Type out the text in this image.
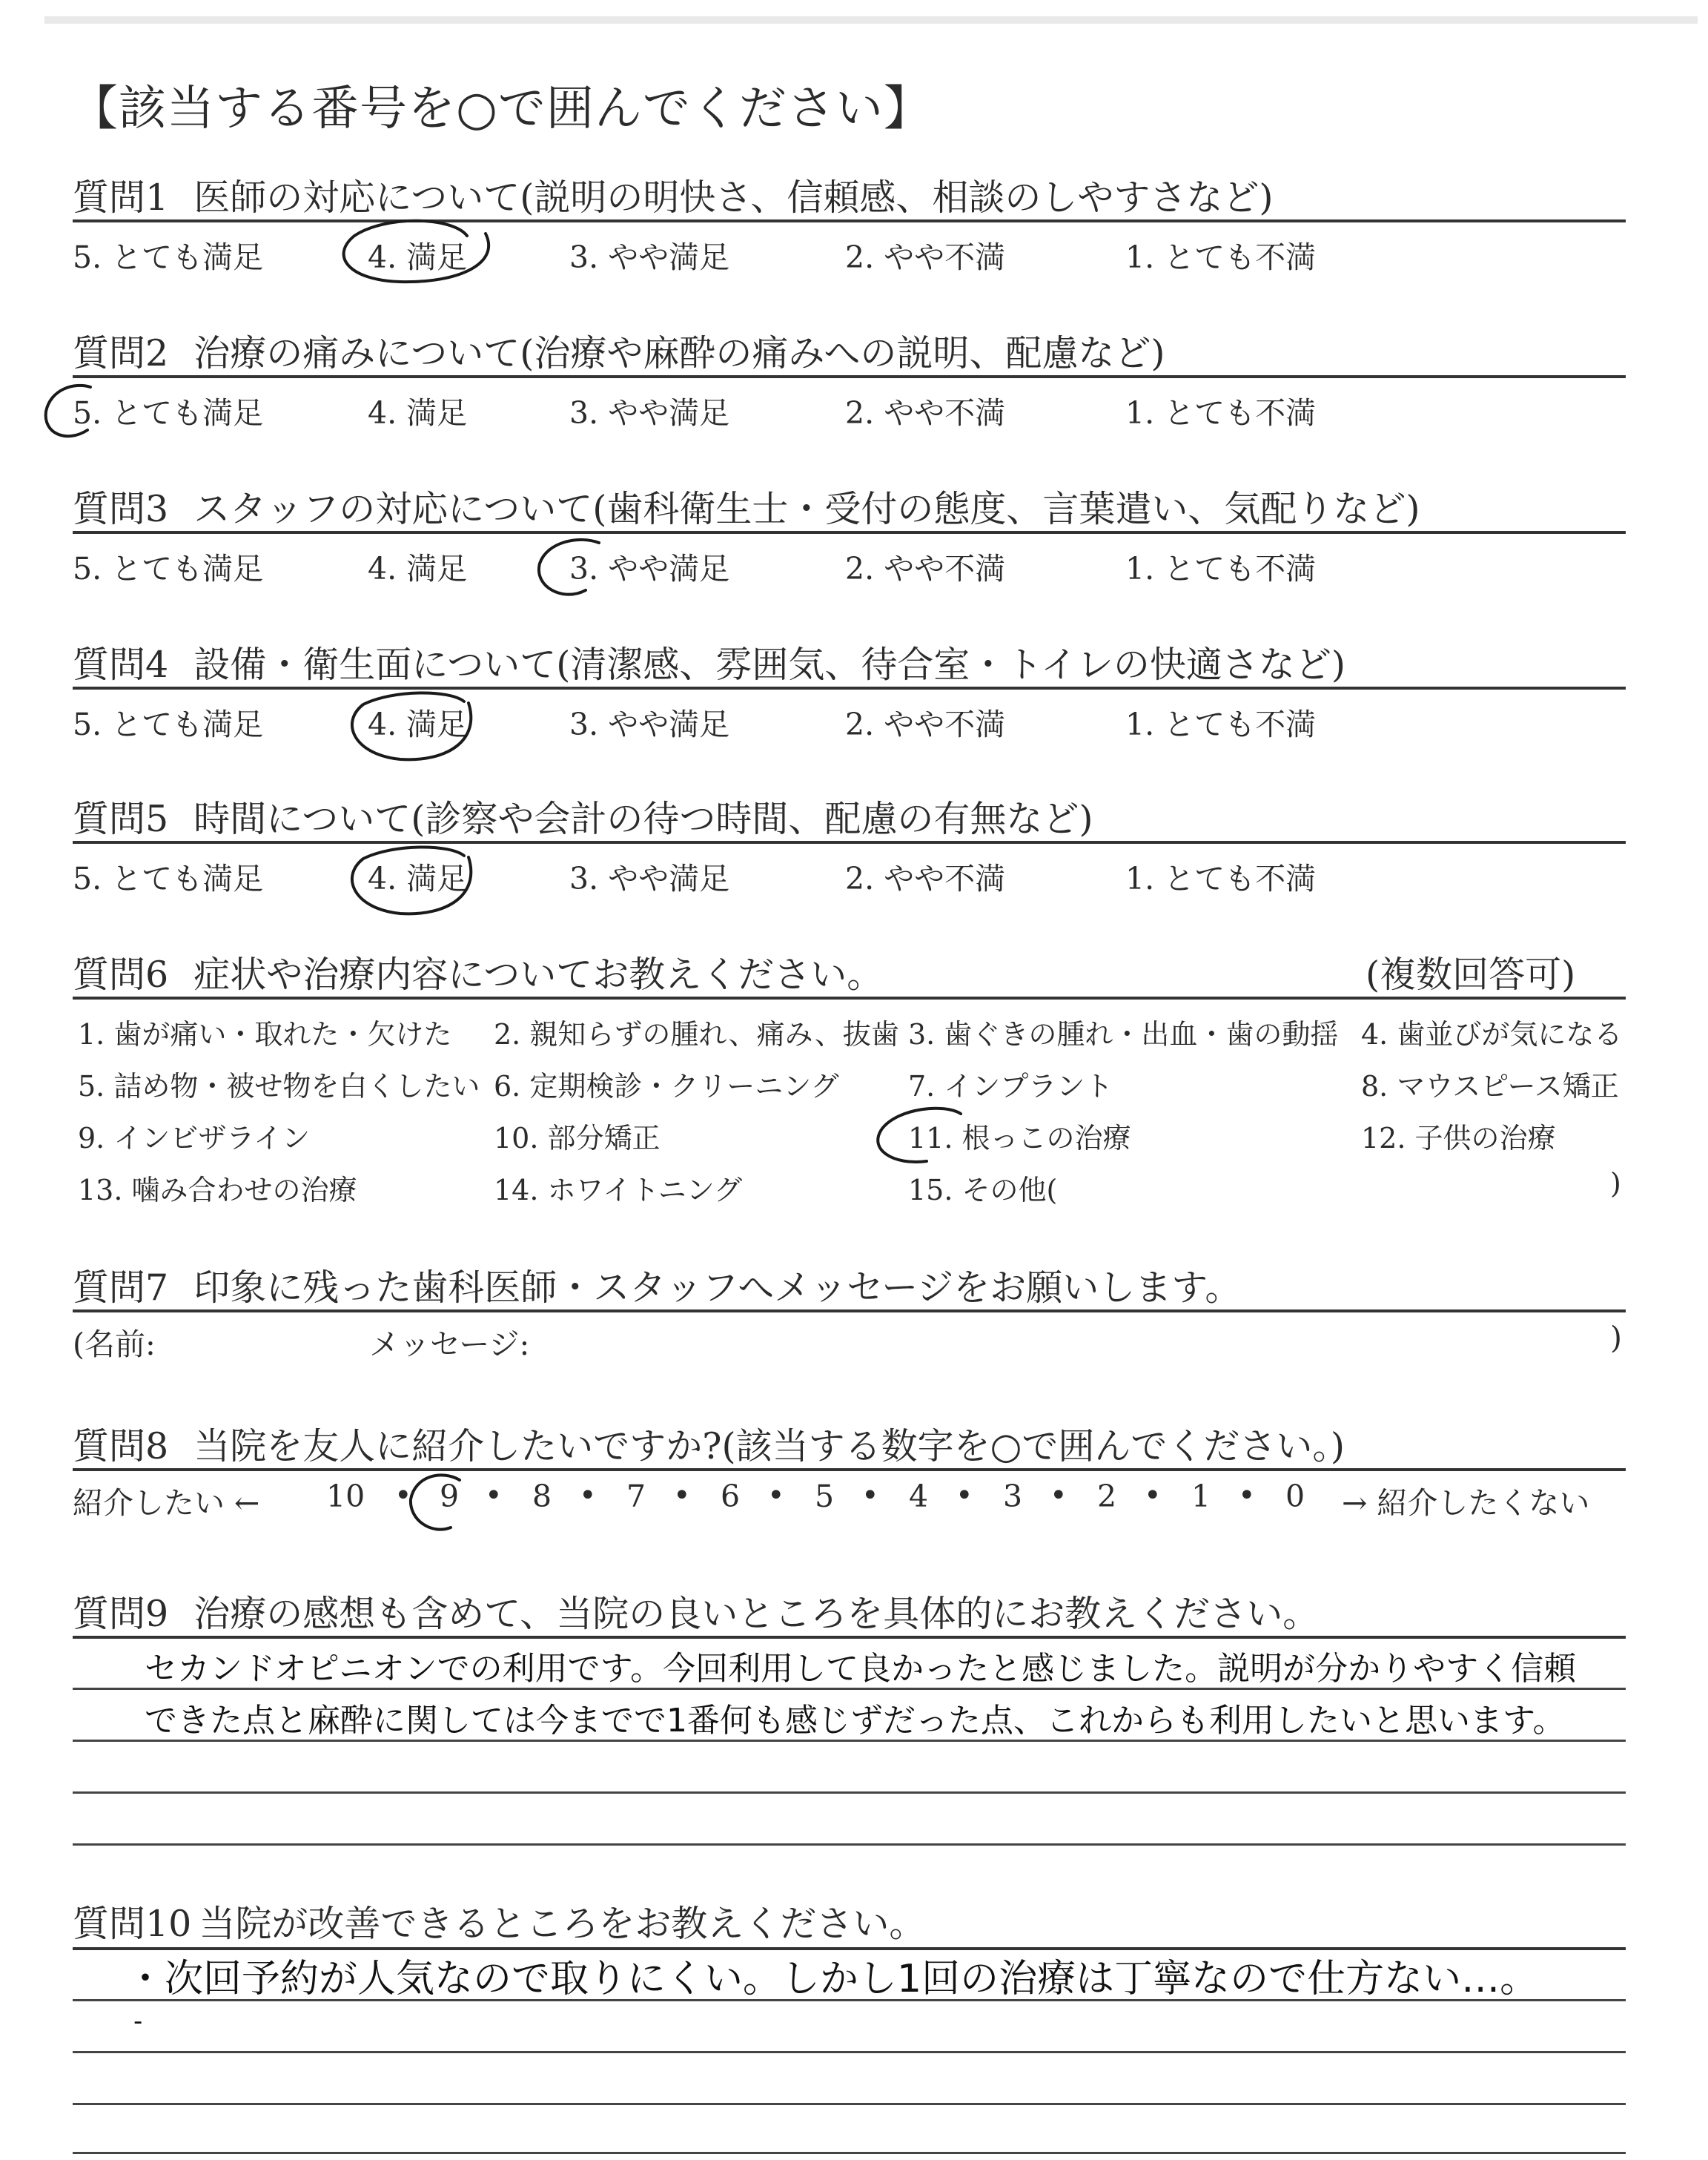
【該当する番号を○で囲んでください】
質問1 医師の対応について(説明の明快さ、信頼感、相談のしやすさなど)
5. とても満足	4. 満足	3. やや満足	2. やや不満	1. とても不満
質問2 治療の痛みについて(治療や麻酔の痛みへの説明、配慮など)
5. とても満足	4. 満足	3. やや満足	2. やや不満	1. とても不満
質問3 スタッフの対応について(歯科衛生士・受付の態度、言葉遣い、気配りなど)
5. とても満足	4. 満足	3. やや満足	2. やや不満	1. とても不満
質問4 設備・衛生面について(清潔感、雰囲気、待合室・トイレの快適さなど)
5. とても満足	4. 満足	3. やや満足	2. やや不満	1. とても不満
質問5 時間について(診察や会計の待つ時間、配慮の有無など)
5. とても満足	4. 満足	3. やや満足	2. やや不満	1. とても不満
質問6 症状や治療内容についてお教えください。	(複数回答可)
1. 歯が痛い・取れた・欠けた 2. 親知らずの腫れ、痛み、抜歯 3. 歯ぐきの腫れ・出血・歯の動揺 4. 歯並びが気になる
5. 詰め物・被せ物を白くしたい 6. 定期検診・クリーニング 7. インプラント	8. マウスピース矯正
9. インビザライン	10. 部分矯正	11. 根っこの治療	12. 子供の治療
13. 噛み合わせの治療	14. ホワイトニング	15. その他(	)
質問7 印象に残った歯科医師・スタッフへメッセージをお願いします。
(名前:	メッセージ:	)
質問8 当院を友人に紹介したいですか?(該当する数字を○で囲んでください。)
紹介したい ←	→ 紹介したくない
10 9 8 7 6 5 4 3 2 1 0
• •	•	•	•	•	•	•	•	•
質問9 治療の感想も含めて、当院の良いところを具体的にお教えください。
セカンドオピニオンでの利用です。今回利用して良かったと感じました。説明が分かりやすく信頼
できた点と麻酔に関しては今までで1番何も感じずだった点、これからも利用したいと思います。
質問10 当院が改善できるところをお教えください。
・次回予約が人気なので取りにくい。しかし1回の治療は丁寧なので仕方ない…。
-
